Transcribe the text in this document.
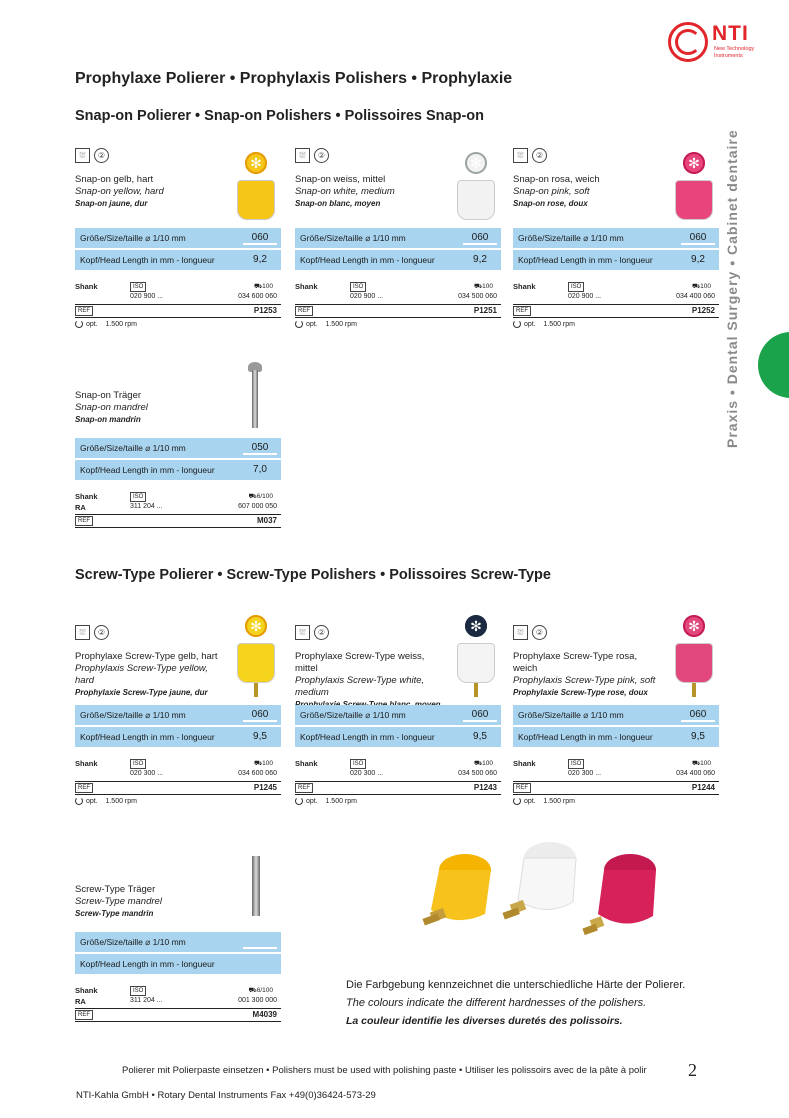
NTI
New Technology
Instruments
Prophylaxe Polierer • Prophylaxis Polishers • Prophylaxie
Snap-on Polierer • Snap-on Polishers • Polissoires Snap-on
Screw-Type Polierer • Screw-Type Polishers • Polissoires Screw-Type
Praxis • Dental Surgery • Cabinet dentaire
⛆	②
Snap-on gelb, hart
Snap-on yellow, hard
Snap-on jaune, dur
Größe/Size/taille ⌀ 1/10 mm	060
Kopf/Head Length in mm - longueur	9,2
Shank	ISO	⛟100
020 900 ...	034 600 060
REF	P1253
opt. 1.500 rpm
✻	⛆	②
Snap-on weiss, mittel
Snap-on white, medium
Snap-on blanc, moyen
Größe/Size/taille ⌀ 1/10 mm	060
Kopf/Head Length in mm - longueur	9,2
Shank	ISO	⛟100
020 900 ...	034 500 060
REF	P1251
opt. 1.500 rpm
✻	⛆	②
Snap-on rosa, weich
Snap-on pink, soft
Snap-on rose, doux
Größe/Size/taille ⌀ 1/10 mm	060
Kopf/Head Length in mm - longueur	9,2
Shank	ISO	⛟100
020 900 ...	034 400 060
REF	P1252
opt. 1.500 rpm
✻
Snap-on Träger
Snap-on mandrel
Snap-on mandrin
Größe/Size/taille ⌀ 1/10 mm	050
Kopf/Head Length in mm - longueur	7,0
Shank	ISO	⛟6/100
RA	311 204 ...	607 000 050
REF	M037
⛆	②
Prophylaxe Screw-Type gelb, hart
Prophylaxis Screw-Type yellow, hard
Prophylaxie Screw-Type jaune, dur
Größe/Size/taille ⌀ 1/10 mm	060
Kopf/Head Length in mm - longueur	9,5
Shank	ISO	⛟100
020 300 ...	034 600 060
REF	P1245
opt. 1.500 rpm
✻	⛆	②
Prophylaxe Screw-Type weiss, mittel
Prophylaxis Screw-Type white, medium
Größe/Size/taille ⌀ 1/10 mm	060
Kopf/Head Length in mm - longueur	9,5
Shank	ISO	⛟100
020 300 ...	034 500 060
REF	P1243
opt. 1.500 rpm
✻	⛆	②
Prophylaxe Screw-Type rosa, weich
Prophylaxis Screw-Type pink, soft
Prophylaxie Screw-Type rose, doux
Größe/Size/taille ⌀ 1/10 mm	060
Kopf/Head Length in mm - longueur	9,5
Shank	ISO	⛟100
020 300 ...	034 400 060
REF	P1244
opt. 1.500 rpm
✻
Screw-Type Träger
Screw-Type mandrel
Screw-Type mandrin
Größe/Size/taille ⌀ 1/10 mm
Kopf/Head Length in mm - longueur
Shank	ISO	⛟6/100
RA	311 204 ...	001 300 000
REF	M4039
Die Farbgebung kennzeichnet die unterschiedliche Härte der Polierer.
The colours indicate the different hardnesses of the polishers.
La couleur identifie les diverses duretés des polissoirs.
Polierer mit Polierpaste einsetzen • Polishers must be used with polishing paste • Utiliser les polissoirs avec de la pâte à polir 2
NTI-Kahla GmbH • Rotary Dental Instruments Fax +49(0)36424-573-29
